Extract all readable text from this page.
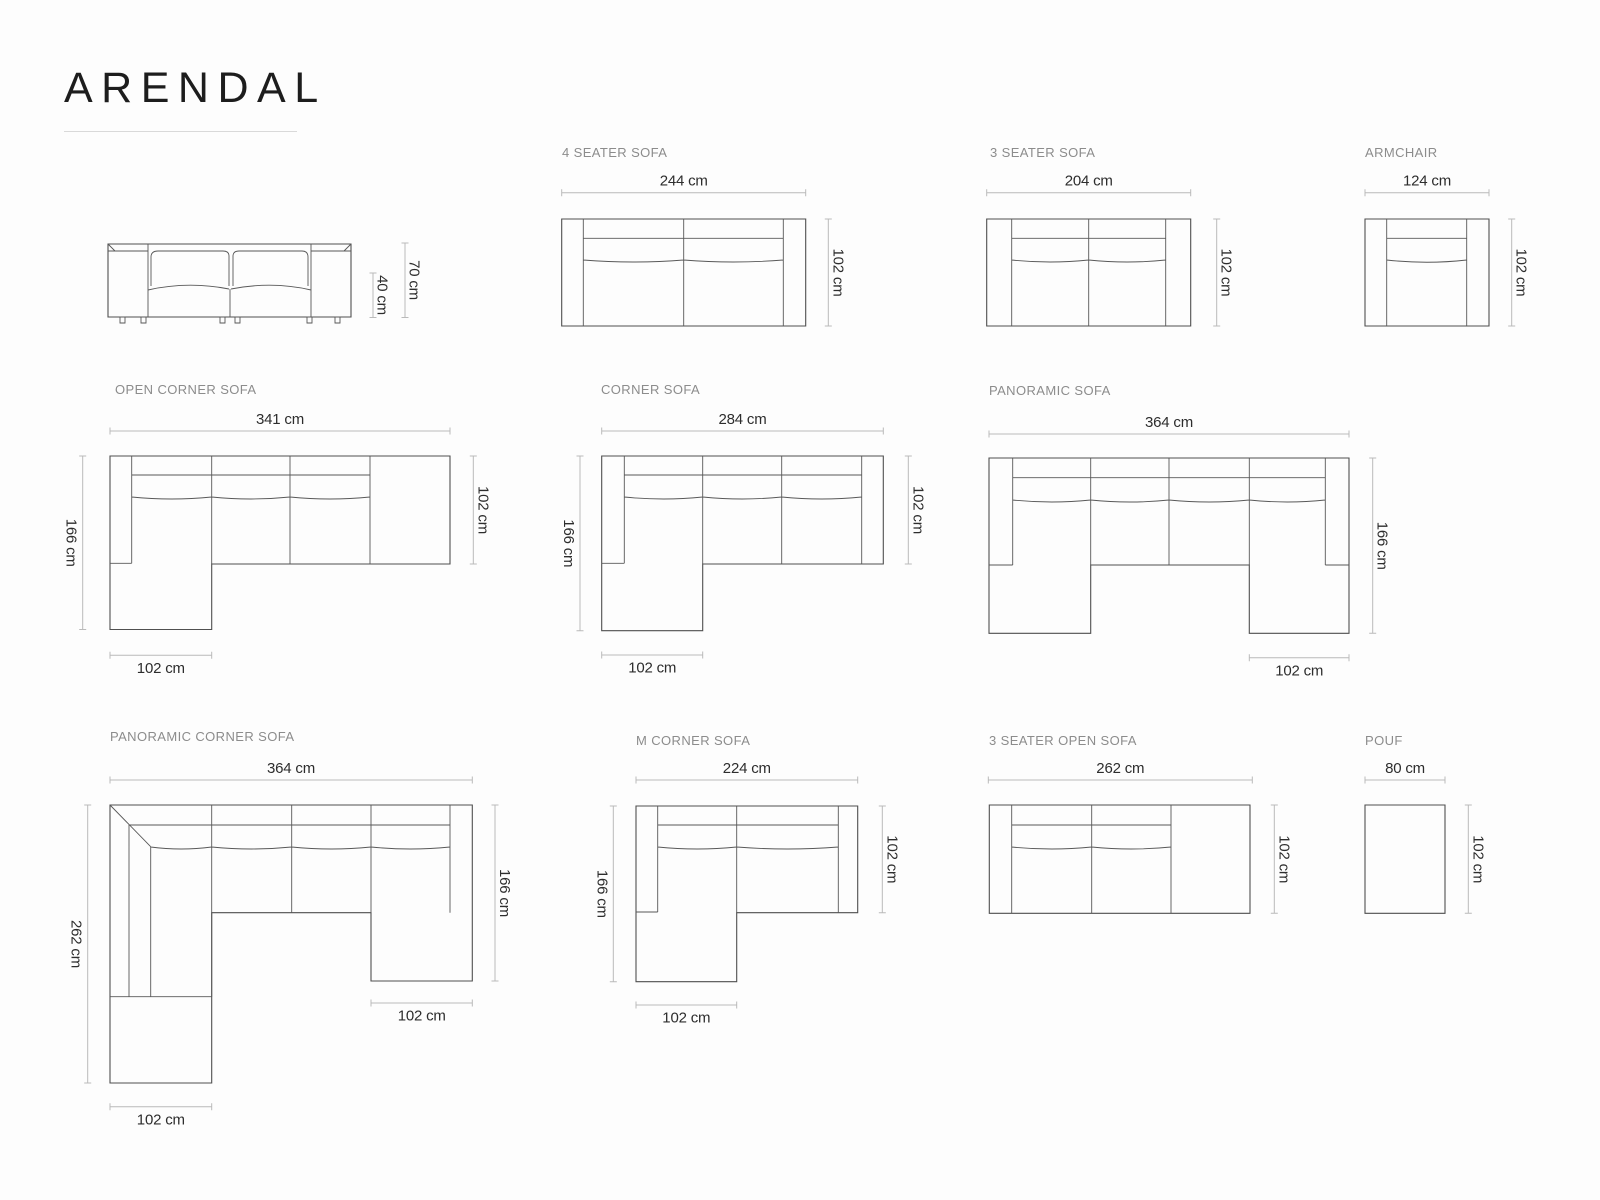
ARENDAL
40 cm 70 cm
4 SEATER SOFA
244 cm
102 cm
3 SEATER SOFA
204 cm
102 cm
ARMCHAIR
124 cm
102 cm
OPEN CORNER SOFA
341 cm
166 cm
102 cm
102 cm
CORNER SOFA
284 cm
166 cm
102 cm
102 cm
PANORAMIC SOFA
364 cm
166 cm
102 cm
PANORAMIC CORNER SOFA
364 cm
262 cm
166 cm
102 cm
102 cm
M CORNER SOFA
224 cm
166 cm
102 cm
102 cm
3 SEATER OPEN SOFA
262 cm
102 cm
POUF
80 cm
102 cm
